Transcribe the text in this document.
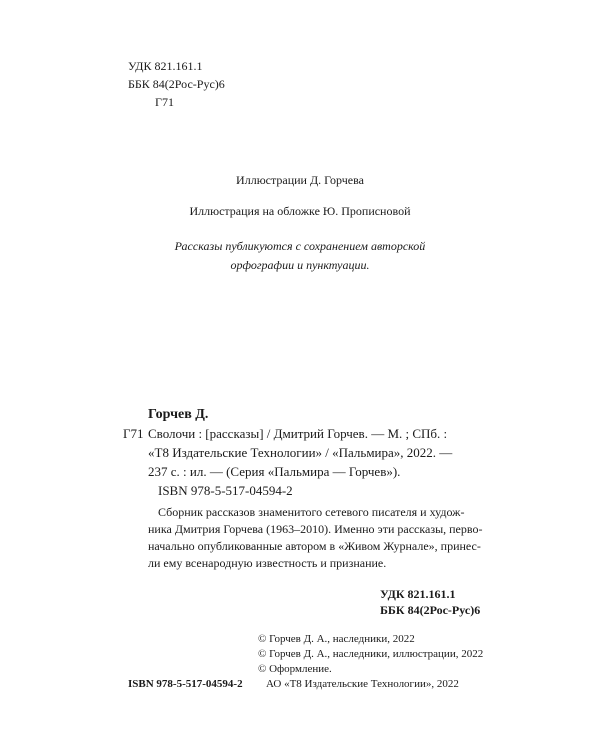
УДК 821.161.1
ББК 84(2Рос-Рус)6
Г71
Иллюстрации Д. Горчева
Иллюстрация на обложке Ю. Прописновой
Рассказы публикуются с сохранением авторской
орфографии и пунктуации.
Горчев Д.
Г71 Сволочи : [рассказы] / Дмитрий Горчев. — М. ; СПб. :
«Т8 Издательские Технологии» / «Пальмира», 2022. —
237 с. : ил. — (Серия «Пальмира — Горчев»).
ISBN 978-5-517-04594-2
Сборник рассказов знаменитого сетевого писателя и худож-
ника Дмитрия Горчева (1963–2010). Именно эти рассказы, перво-
начально опубликованные автором в «Живом Журнале», принес-
ли ему всенародную известность и признание.
УДК 821.161.1
ББК 84(2Рос-Рус)6
© Горчев Д. А., наследники, 2022
© Горчев Д. А., наследники, иллюстрации, 2022
© Оформление.
АО «Т8 Издательские Технологии», 2022
ISBN 978-5-517-04594-2
